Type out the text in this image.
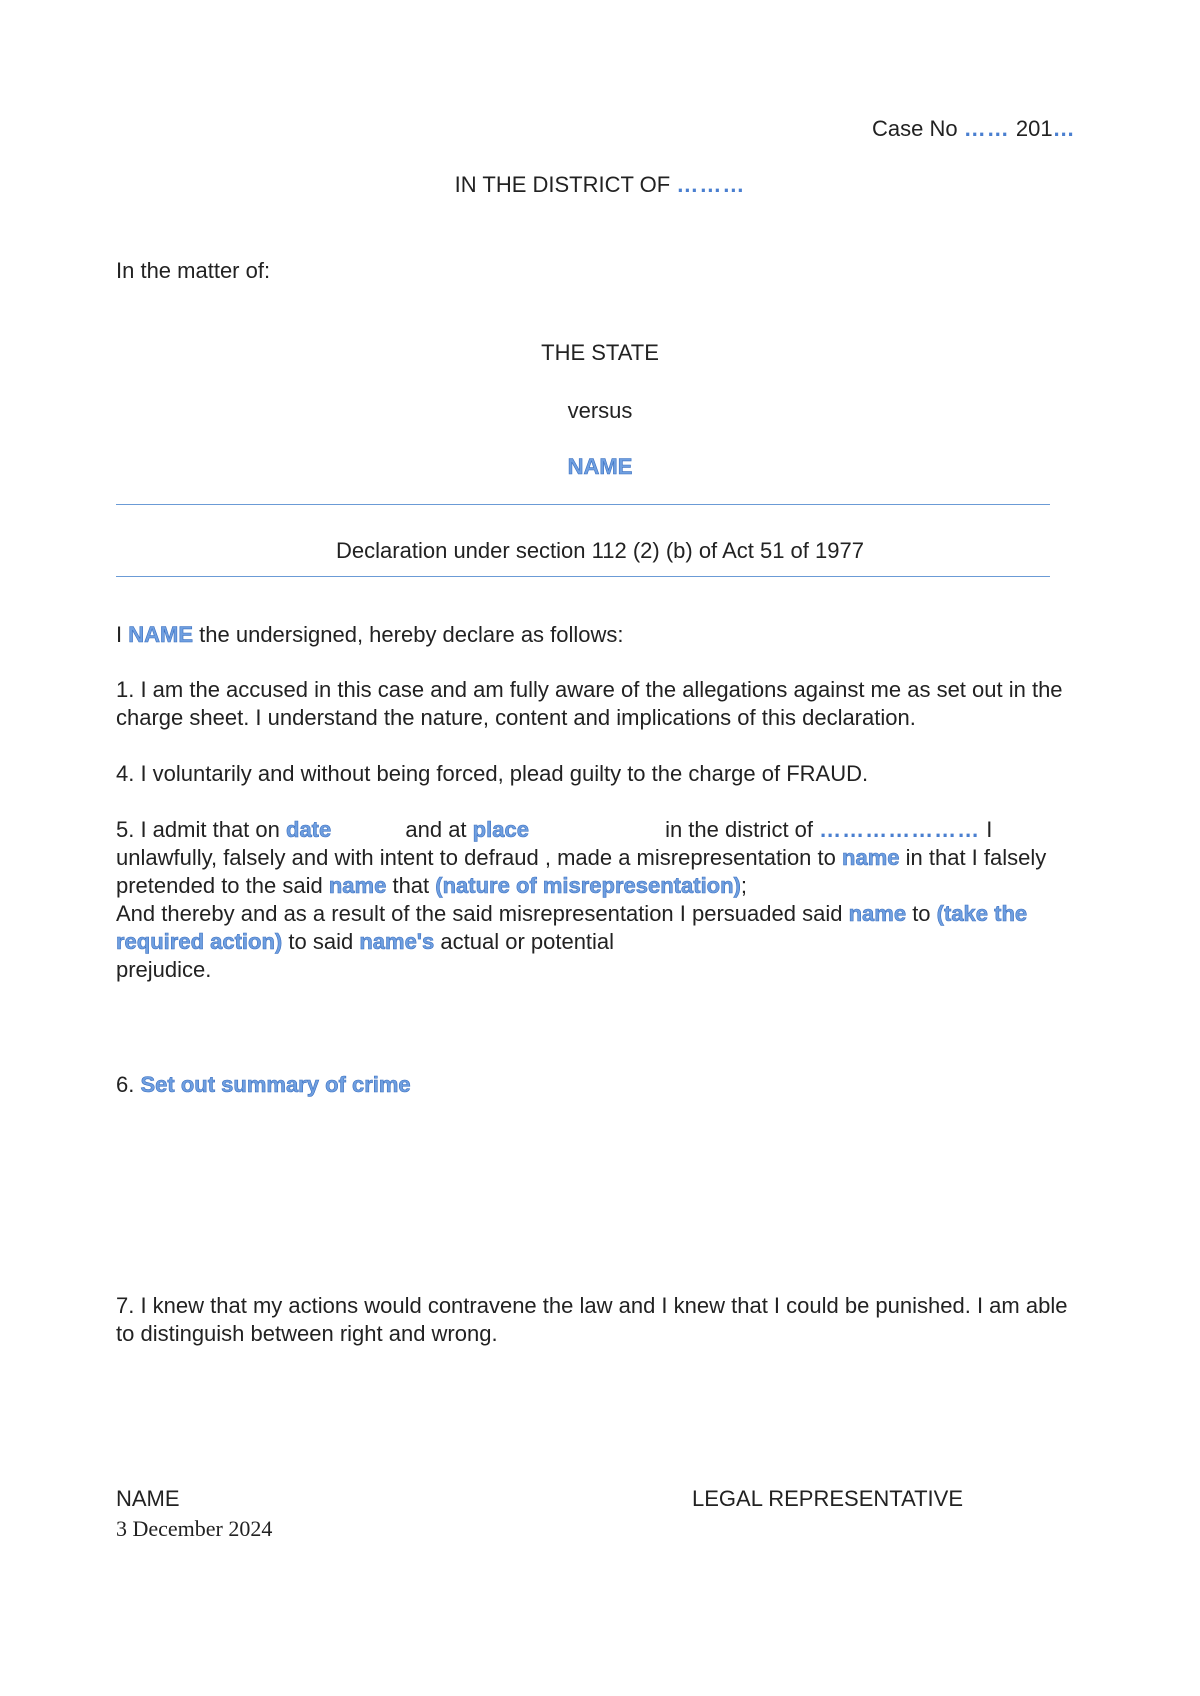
Case No …… 201…

IN THE DISTRICT OF ………

In the matter of:

THE STATE

versus

NAME

Declaration under section 112 (2) (b) of Act 51 of 1977

I NAME the undersigned, hereby declare as follows:

1. I am the accused in this case and am fully aware of the allegations against me as set out in the charge sheet. I understand the nature, content and implications of this declaration.

4. I voluntarily and without being forced, plead guilty to the charge of FRAUD.

5. I admit that on date	and at place	in the district of ………………… I unlawfully, falsely and with intent to defraud , made a misrepresentation to name in that I falsely pretended to the said name that (nature of misrepresentation);
And thereby and as a result of the said misrepresentation I persuaded said name to (take the required action) to said name's actual or potential
prejudice.

6. Set out summary of crime

7. I knew that my actions would contravene the law and I knew that I could be punished. I am able to distinguish between right and wrong.

NAME

3 December 2024

LEGAL REPRESENTATIVE
